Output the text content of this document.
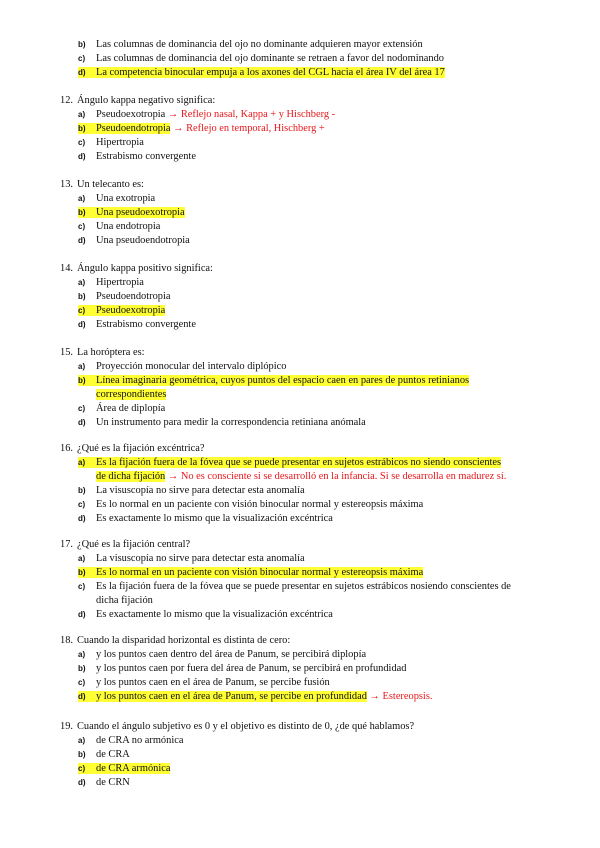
b) Las columnas de dominancia del ojo no dominante adquieren mayor extensión
c) Las columnas de dominancia del ojo dominante se retraen a favor del nodominando
d) La competencia binocular empuja a los axones del CGL hacia el área IV del área 17
12. Ángulo kappa negativo significa:
a) Pseudoexotropia → Reflejo nasal, Kappa + y Hischberg -
b) Pseudoendotropia → Reflejo en temporal, Hischberg +
c) Hipertropia
d) Estrabismo convergente
13. Un telecanto es:
a) Una exotropia
b) Una pseudoexotropia
c) Una endotropia
d) Una pseudoendotropia
14. Ángulo kappa positivo significa:
a) Hipertropia
b) Pseudoendotropia
c) Pseudoexotropia
d) Estrabismo convergente
15. La horóptera es:
a) Proyección monocular del intervalo diplópico
b) Línea imaginaria geométrica, cuyos puntos del espacio caen en pares de puntos retinianos
correspondientes
c) Área de diplopía
d) Un instrumento para medir la correspondencia retiniana anómala
16. ¿Qué es la fijación excéntrica?
a) Es la fijación fuera de la fóvea que se puede presentar en sujetos estrábicos no siendo conscientes
de dicha fijación → No es consciente si se desarrolló en la infancia. Si se desarrolla en madurez sí.
b) La visuscopía no sirve para detectar esta anomalía
c) Es lo normal en un paciente con visión binocular normal y estereopsis máxima
d) Es exactamente lo mismo que la visualización excéntrica
17. ¿Qué es la fijación central?
a) La visuscopía no sirve para detectar esta anomalía
b) Es lo normal en un paciente con visión binocular normal y estereopsis máxima
c) Es la fijación fuera de la fóvea que se puede presentar en sujetos estrábicos nosiendo conscientes de
dicha fijación
d) Es exactamente lo mismo que la visualización excéntrica
18. Cuando la disparidad horizontal es distinta de cero:
a) y los puntos caen dentro del área de Panum, se percibirá diplopía
b) y los puntos caen por fuera del área de Panum, se percibirá en profundidad
c) y los puntos caen en el área de Panum, se percibe fusión
d) y los puntos caen en el área de Panum, se percibe en profundidad → Estereopsis.
19. Cuando el ángulo subjetivo es 0 y el objetivo es distinto de 0, ¿de qué hablamos?
a) de CRA no armónica
b) de CRA
c) de CRA armónica
d) de CRN
